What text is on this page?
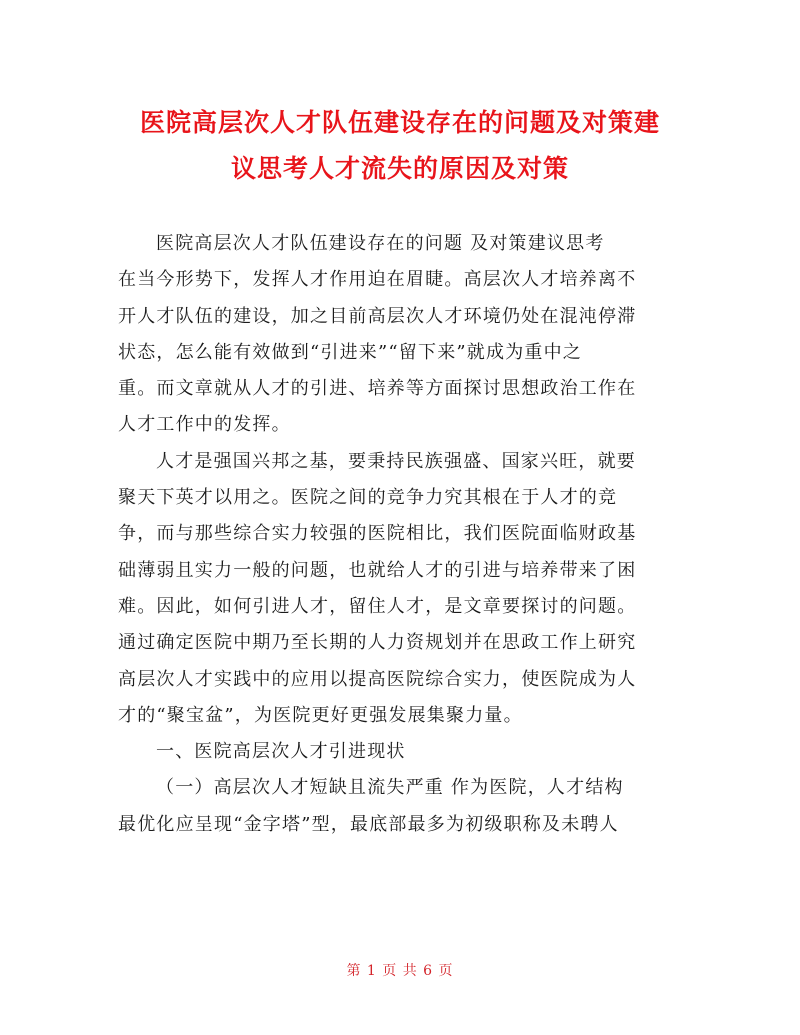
医院高层次人才队伍建设存在的问题及对策建
议思考人才流失的原因及对策
医院高层次人才队伍建设存在的问题 及对策建议思考
在当今形势下，发挥人才作用迫在眉睫。高层次人才培养离不
开人才队伍的建设，加之目前高层次人才环境仍处在混沌停滞
状态，怎么能有效做到“引进来”“留下来”就成为重中之
重。而文章就从人才的引进、培养等方面探讨思想政治工作在
人才工作中的发挥。
人才是强国兴邦之基，要秉持民族强盛、国家兴旺，就要
聚天下英才以用之。医院之间的竞争力究其根在于人才的竞
争，而与那些综合实力较强的医院相比，我们医院面临财政基
础薄弱且实力一般的问题，也就给人才的引进与培养带来了困
难。因此，如何引进人才，留住人才，是文章要探讨的问题。
通过确定医院中期乃至长期的人力资规划并在思政工作上研究
高层次人才实践中的应用以提高医院综合实力，使医院成为人
才的“聚宝盆”，为医院更好更强发展集聚力量。
一、医院高层次人才引进现状
（一）高层次人才短缺且流失严重 作为医院，人才结构
最优化应呈现“金字塔”型，最底部最多为初级职称及未聘人
第 1 页 共 6 页
